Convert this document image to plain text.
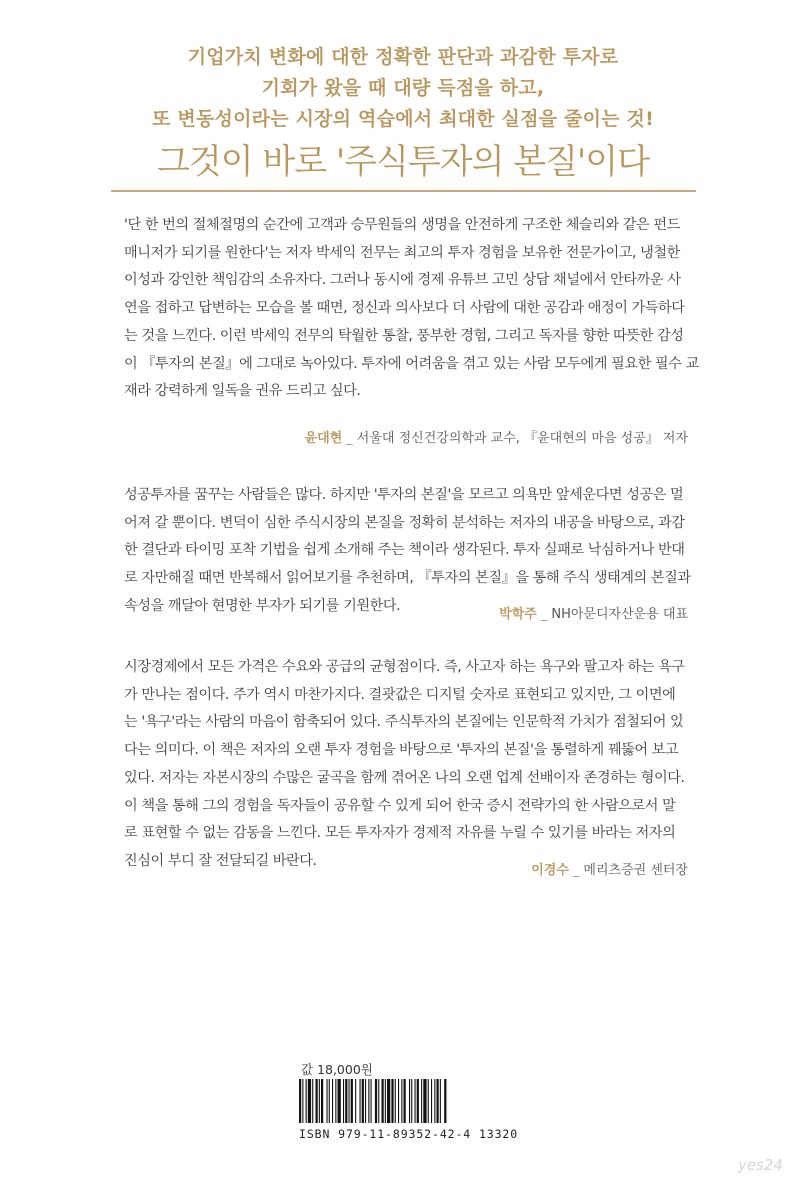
기업가치 변화에 대한 정확한 판단과 과감한 투자로
기회가 왔을 때 대량 득점을 하고,
또 변동성이라는 시장의 역습에서 최대한 실점을 줄이는 것!
그것이 바로 '주식투자의 본질'이다
'단 한 번의 절체절명의 순간에 고객과 승무원들의 생명을 안전하게 구조한 체슬리와 같은 펀드
매니저가 되기를 원한다'는 저자 박세익 전무는 최고의 투자 경험을 보유한 전문가이고, 냉철한
이성과 강인한 책임감의 소유자다. 그러나 동시에 경제 유튜브 고민 상담 채널에서 안타까운 사
연을 접하고 답변하는 모습을 볼 때면, 정신과 의사보다 더 사람에 대한 공감과 애정이 가득하다
는 것을 느낀다. 이런 박세익 전무의 탁월한 통찰, 풍부한 경험, 그리고 독자를 향한 따뜻한 감성
이 『투자의 본질』에 그대로 녹아있다. 투자에 어려움을 겪고 있는 사람 모두에게 필요한 필수 교
재라 강력하게 일독을 권유 드리고 싶다.
윤대현 _ 서울대 정신건강의학과 교수, 『윤대현의 마음 성공』 저자
성공투자를 꿈꾸는 사람들은 많다. 하지만 '투자의 본질'을 모르고 의욕만 앞세운다면 성공은 멀
어져 갈 뿐이다. 변덕이 심한 주식시장의 본질을 정확히 분석하는 저자의 내공을 바탕으로, 과감
한 결단과 타이밍 포착 기법을 쉽게 소개해 주는 책이라 생각된다. 투자 실패로 낙심하거나 반대
로 자만해질 때면 반복해서 읽어보기를 추천하며, 『투자의 본질』을 통해 주식 생태계의 본질과
속성을 깨달아 현명한 부자가 되기를 기원한다.
박학주 _ NH아문디자산운용 대표
시장경제에서 모든 가격은 수요와 공급의 균형점이다. 즉, 사고자 하는 욕구와 팔고자 하는 욕구
가 만나는 점이다. 주가 역시 마찬가지다. 결괏값은 디지털 숫자로 표현되고 있지만, 그 이면에
는 '욕구'라는 사람의 마음이 함축되어 있다. 주식투자의 본질에는 인문학적 가치가 점철되어 있
다는 의미다. 이 책은 저자의 오랜 투자 경험을 바탕으로 '투자의 본질'을 통렬하게 꿰뚫어 보고
있다. 저자는 자본시장의 수많은 굴곡을 함께 겪어온 나의 오랜 업계 선배이자 존경하는 형이다.
이 책을 통해 그의 경험을 독자들이 공유할 수 있게 되어 한국 증시 전략가의 한 사람으로서 말
로 표현할 수 없는 감동을 느낀다. 모든 투자자가 경제적 자유를 누릴 수 있기를 바라는 저자의
진심이 부디 잘 전달되길 바란다.
이경수 _ 메리츠증권 센터장
값 18,000원
ISBN 979-11-89352-42-4 13320
yes24
